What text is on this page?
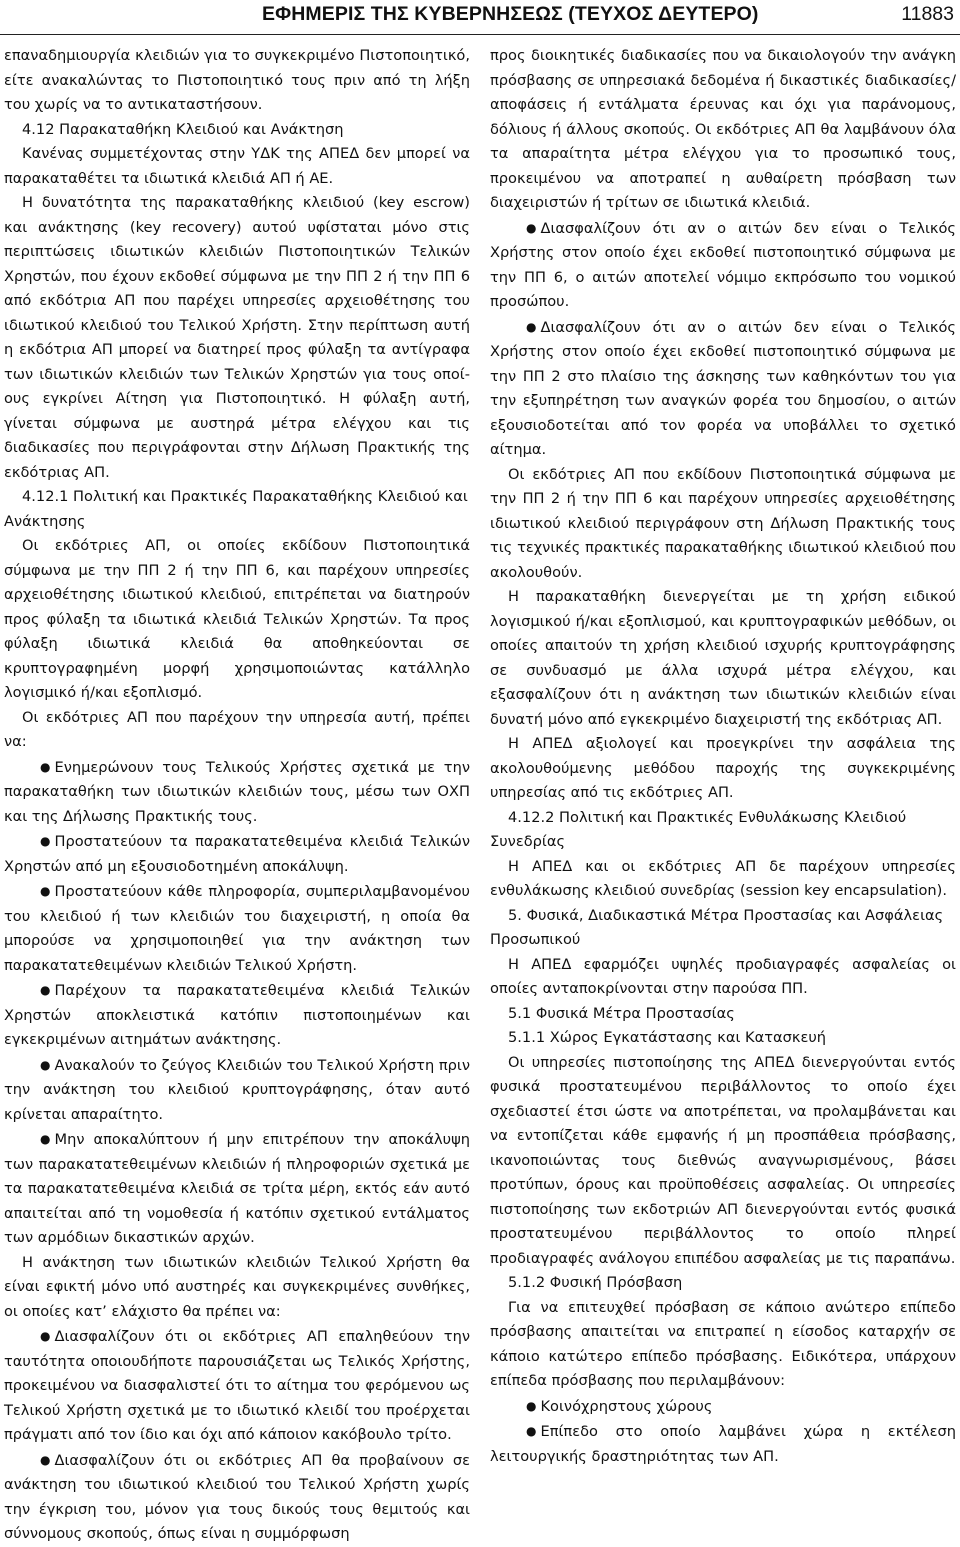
ΕΦΗΜΕΡΙΣ ΤΗΣ ΚΥΒΕΡΝΗΣΕΩΣ (ΤΕΥΧΟΣ ΔΕΥΤΕΡΟ)	11883

επαναδημιουργία κλειδιών για το συγκεκριμένο Πιστοποιητικό, είτε ανακαλώντας το Πιστοποιητικό τους πριν από τη λήξη του χωρίς να το αντικαταστήσουν.

4.12 Παρακαταθήκη Κλειδιού και Ανάκτηση

Κανένας συμμετέχοντας στην ΥΔΚ της ΑΠΕΔ δεν μπορεί να παρακαταθέτει τα ιδιωτικά κλειδιά ΑΠ ή ΑΕ.

Η δυνατότητα της παρακαταθήκης κλειδιού (key escrow) και ανάκτησης (key recovery) αυτού υφίσταται μόνο στις περιπτώσεις ιδιωτικών κλειδιών Πιστοποιητικών Τελικών Χρηστών, που έχουν εκδοθεί σύμφωνα με την ΠΠ 2 ή την ΠΠ 6 από εκδότρια ΑΠ που παρέχει υπηρεσίες αρχειοθέτησης του ιδιωτικού κλειδιού του Τελικού Χρήστη. Στην περίπτωση αυτή η εκδότρια ΑΠ μπορεί να διατηρεί προς φύλαξη τα αντίγραφα των ιδιωτικών κλειδιών των Τελικών Χρηστών για τους οποίους εγκρίνει Αίτηση για Πιστοποιητικό. Η φύλαξη αυτή, γίνεται σύμφωνα με αυστηρά μέτρα ελέγχου και τις διαδικασίες που περιγράφονται στην Δήλωση Πρακτικής της εκδότριας ΑΠ.

4.12.1 Πολιτική και Πρακτικές Παρακαταθήκης Κλειδιού και Ανάκτησης

Οι εκδότριες ΑΠ, οι οποίες εκδίδουν Πιστοποιητικά σύμφωνα με την ΠΠ 2 ή την ΠΠ 6, και παρέχουν υπηρεσίες αρχειοθέτησης ιδιωτικού κλειδιού, επιτρέπεται να διατηρούν προς φύλαξη τα ιδιωτικά κλειδιά Τελικών Χρηστών. Τα προς φύλαξη ιδιωτικά κλειδιά θα αποθηκεύονται σε κρυπτογραφημένη μορφή χρησιμοποιώντας κατάλληλο λογισμικό ή/και εξοπλισμό.

Οι εκδότριες ΑΠ που παρέχουν την υπηρεσία αυτή, πρέπει να:

● Ενημερώνουν τους Τελικούς Χρήστες σχετικά με την παρακαταθήκη των ιδιωτικών κλειδιών τους, μέσω των ΟΧΠ και της Δήλωσης Πρακτικής τους.

● Προστατεύουν τα παρακατατεθειμένα κλειδιά Τελικών Χρηστών από μη εξουσιοδοτημένη αποκάλυψη.

● Προστατεύουν κάθε πληροφορία, συμπεριλαμβανομένου του κλειδιού ή των κλειδιών του διαχειριστή, η οποία θα μπορούσε να χρησιμοποιηθεί για την ανάκτηση των παρακατατεθειμένων κλειδιών Τελικού Χρήστη.

● Παρέχουν τα παρακατατεθειμένα κλειδιά Τελικών Χρηστών αποκλειστικά κατόπιν πιστοποιημένων και εγκεκριμένων αιτημάτων ανάκτησης.

● Ανακαλούν το ζεύγος Κλειδιών του Τελικού Χρήστη πριν την ανάκτηση του κλειδιού κρυπτογράφησης, όταν αυτό κρίνεται απαραίτητο.

● Μην αποκαλύπτουν ή μην επιτρέπουν την αποκάλυψη των παρακατατεθειμένων κλειδιών ή πληροφοριών σχετικά με τα παρακατατεθειμένα κλειδιά σε τρίτα μέρη, εκτός εάν αυτό απαιτείται από τη νομοθεσία ή κατόπιν σχετικού εντάλματος των αρμόδιων δικαστικών αρχών.

Η ανάκτηση των ιδιωτικών κλειδιών Τελικού Χρήστη θα είναι εφικτή μόνο υπό αυστηρές και συγκεκριμένες συνθήκες, οι οποίες κατ’ ελάχιστο θα πρέπει να:

● Διασφαλίζουν ότι οι εκδότριες ΑΠ επαληθεύουν την ταυτότητα οποιουδήποτε παρουσιάζεται ως Τελικός Χρήστης, προκειμένου να διασφαλιστεί ότι το αίτημα του φερόμενου ως Τελικού Χρήστη σχετικά με το ιδιωτικό κλειδί του προέρχεται πράγματι από τον ίδιο και όχι από κάποιον κακόβουλο τρίτο.

● Διασφαλίζουν ότι οι εκδότριες ΑΠ θα προβαίνουν σε ανάκτηση του ιδιωτικού κλειδιού του Τελικού Χρήστη χωρίς την έγκριση του, μόνον για τους δικούς τους θεμιτούς και σύννομους σκοπούς, όπως είναι η συμμόρφωση

προς διοικητικές διαδικασίες που να δικαιολογούν την ανάγκη πρόσβασης σε υπηρεσιακά δεδομένα ή δικαστικές διαδικασίες/αποφάσεις ή εντάλματα έρευνας και όχι για παράνομους, δόλιους ή άλλους σκοπούς. Οι εκδότριες ΑΠ θα λαμβάνουν όλα τα απαραίτητα μέτρα ελέγχου για το προσωπικό τους, προκειμένου να αποτραπεί η αυθαίρετη πρόσβαση των διαχειριστών ή τρίτων σε ιδιωτικά κλειδιά.

● Διασφαλίζουν ότι αν ο αιτών δεν είναι ο Τελικός Χρήστης στον οποίο έχει εκδοθεί πιστοποιητικό σύμφωνα με την ΠΠ 6, ο αιτών αποτελεί νόμιμο εκπρόσωπο του νομικού προσώπου.

● Διασφαλίζουν ότι αν ο αιτών δεν είναι ο Τελικός Χρήστης στον οποίο έχει εκδοθεί πιστοποιητικό σύμφωνα με την ΠΠ 2 στο πλαίσιο της άσκησης των καθηκόντων του για την εξυπηρέτηση των αναγκών φορέα του δημοσίου, ο αιτών εξουσιοδοτείται από τον φορέα να υποβάλλει το σχετικό αίτημα.

Οι εκδότριες ΑΠ που εκδίδουν Πιστοποιητικά σύμφωνα με την ΠΠ 2 ή την ΠΠ 6 και παρέχουν υπηρεσίες αρχειοθέτησης ιδιωτικού κλειδιού περιγράφουν στη Δήλωση Πρακτικής τους τις τεχνικές πρακτικές παρακαταθήκης ιδιωτικού κλειδιού που ακολουθούν.

Η παρακαταθήκη διενεργείται με τη χρήση ειδικού λογισμικού ή/και εξοπλισμού, και κρυπτογραφικών μεθόδων, οι οποίες απαιτούν τη χρήση κλειδιού ισχυρής κρυπτογράφησης σε συνδυασμό με άλλα ισχυρά μέτρα ελέγχου, και εξασφαλίζουν ότι η ανάκτηση των ιδιωτικών κλειδιών είναι δυνατή μόνο από εγκεκριμένο διαχειριστή της εκδότριας ΑΠ.

Η ΑΠΕΔ αξιολογεί και προεγκρίνει την ασφάλεια της ακολουθούμενης μεθόδου παροχής της συγκεκριμένης υπηρεσίας από τις εκδότριες ΑΠ.

4.12.2 Πολιτική και Πρακτικές Ενθυλάκωσης Κλειδιού Συνεδρίας

Η ΑΠΕΔ και οι εκδότριες ΑΠ δε παρέχουν υπηρεσίες ενθυλάκωσης κλειδιού συνεδρίας (session key encapsulation).

5. Φυσικά, Διαδικαστικά Μέτρα Προστασίας και Ασφάλειας Προσωπικού

Η ΑΠΕΔ εφαρμόζει υψηλές προδιαγραφές ασφαλείας οι οποίες ανταποκρίνονται στην παρούσα ΠΠ.

5.1 Φυσικά Μέτρα Προστασίας

5.1.1 Χώρος Εγκατάστασης και Κατασκευή

Οι υπηρεσίες πιστοποίησης της ΑΠΕΔ διενεργούνται εντός φυσικά προστατευμένου περιβάλλοντος το οποίο έχει σχεδιαστεί έτσι ώστε να αποτρέπεται, να προλαμβάνεται και να εντοπίζεται κάθε εμφανής ή μη προσπάθεια πρόσβασης, ικανοποιώντας τους διεθνώς αναγνωρισμένους, βάσει προτύπων, όρους και προϋποθέσεις ασφαλείας. Οι υπηρεσίες πιστοποίησης των εκδοτριών ΑΠ διενεργούνται εντός φυσικά προστατευμένου περιβάλλοντος το οποίο πληρεί προδιαγραφές ανάλογου επιπέδου ασφαλείας με τις παραπάνω.

5.1.2 Φυσική Πρόσβαση

Για να επιτευχθεί πρόσβαση σε κάποιο ανώτερο επίπεδο πρόσβασης απαιτείται να επιτραπεί η είσοδος καταρχήν σε κάποιο κατώτερο επίπεδο πρόσβασης. Ειδικότερα, υπάρχουν επίπεδα πρόσβασης που περιλαμβάνουν:

● Κοινόχρηστους χώρους

● Επίπεδο στο οποίο λαμβάνει χώρα η εκτέλεση λειτουργικής δραστηριότητας των ΑΠ.
